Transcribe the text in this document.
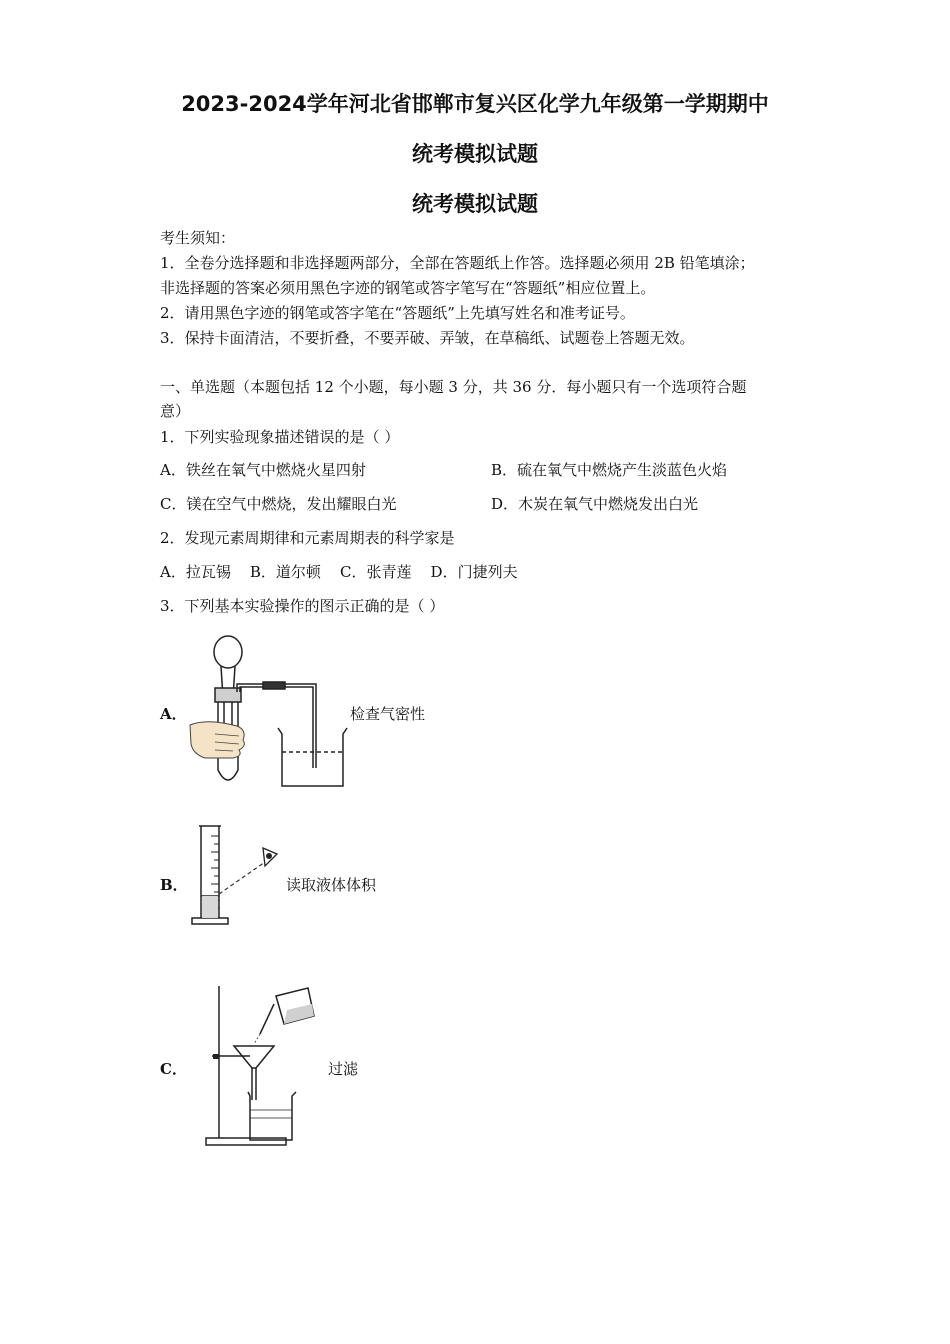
2023-2024学年河北省邯郸市复兴区化学九年级第一学期期中
统考模拟试题
统考模拟试题
考生须知：
1．全卷分选择题和非选择题两部分，全部在答题纸上作答。选择题必须用 2B 铅笔填涂；
非选择题的答案必须用黑色字迹的钢笔或答字笔写在“答题纸”相应位置上。
2．请用黑色字迹的钢笔或答字笔在“答题纸”上先填写姓名和准考证号。
3．保持卡面清洁，不要折叠，不要弄破、弄皱，在草稿纸、试题卷上答题无效。
一、单选题（本题包括 12 个小题，每小题 3 分，共 36 分．每小题只有一个选项符合题
意）
1．下列实验现象描述错误的是（ ）
A．铁丝在氧气中燃烧火星四射	B．硫在氧气中燃烧产生淡蓝色火焰
C．镁在空气中燃烧，发出耀眼白光	D．木炭在氧气中燃烧发出白光
2．发现元素周期律和元素周期表的科学家是
A．拉瓦锡    B．道尔顿    C．张青莲    D．门捷列夫
3．下列基本实验操作的图示正确的是（ ）
A．	检查气密性
B．	读取液体体积
C．	过滤
